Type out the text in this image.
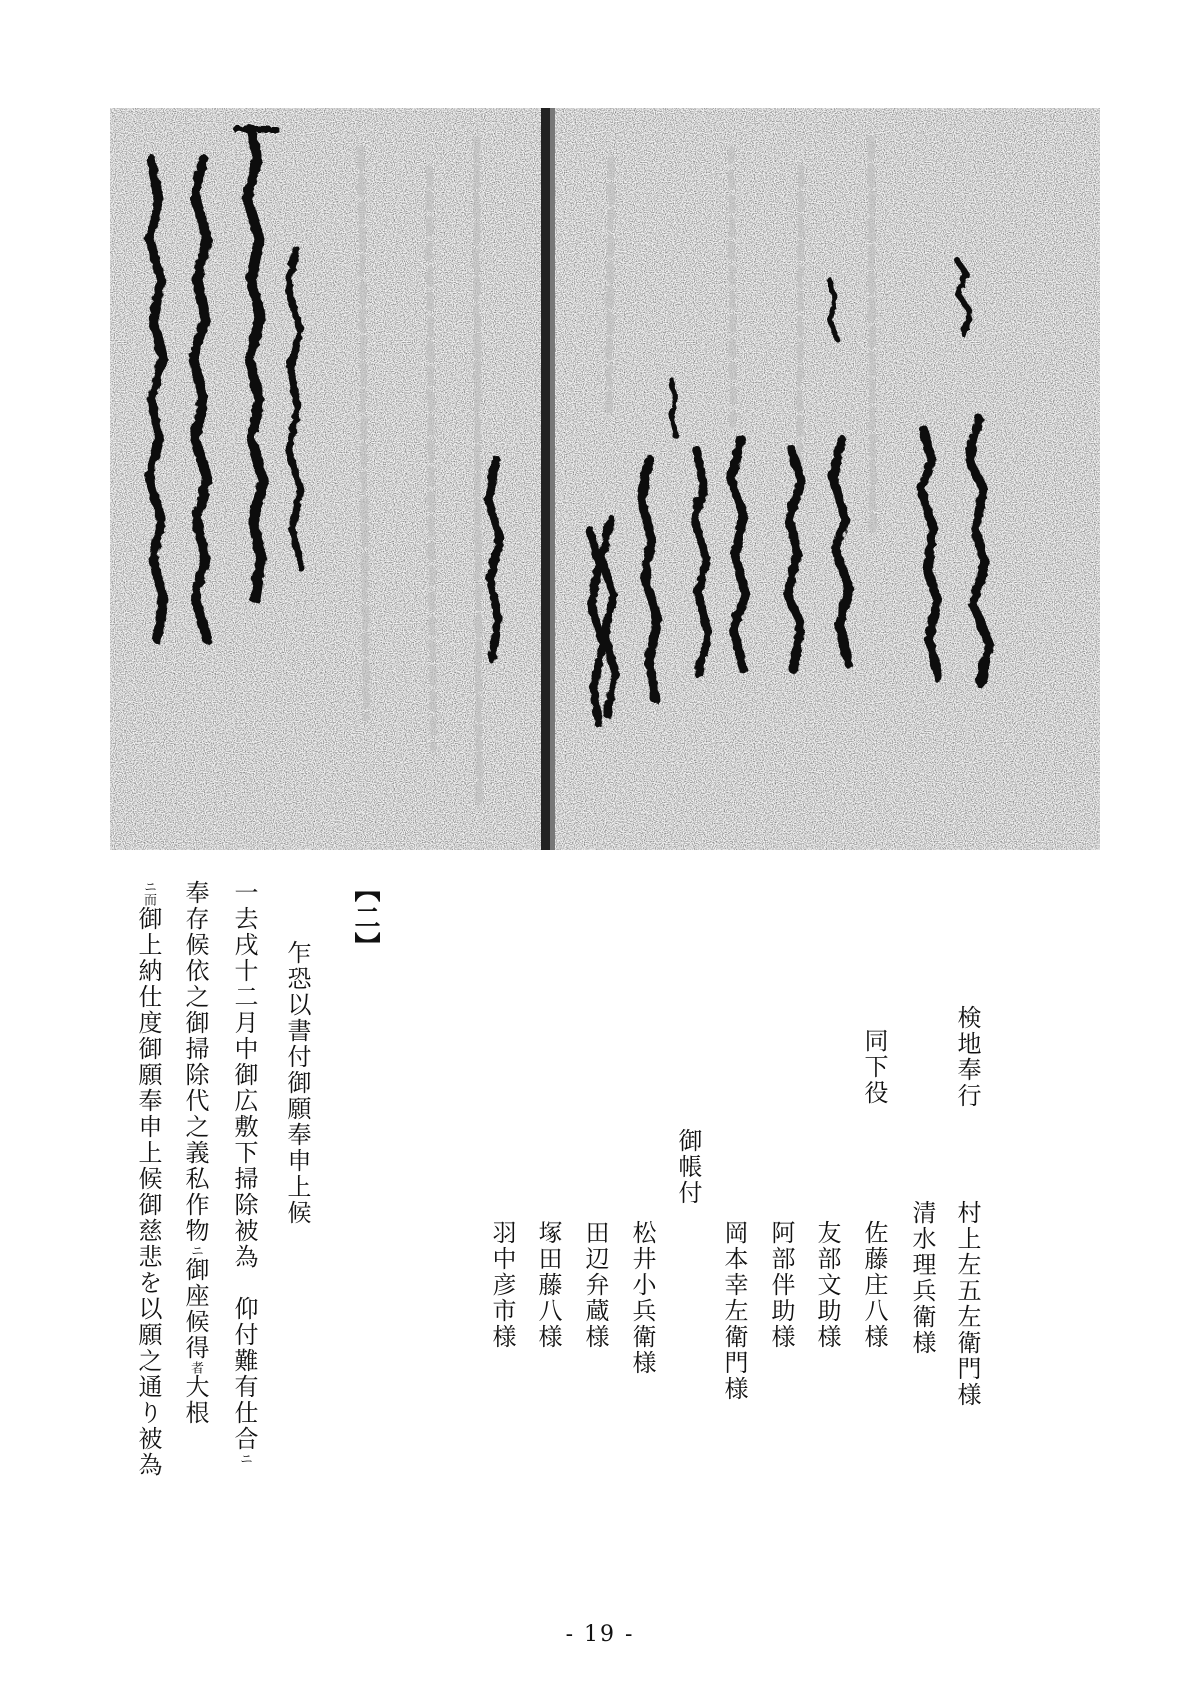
【二】
検地奉行
同下役
御帳付
村上左五左衛門様
清水理兵衛様
佐藤庄八様
友部文助様
阿部伴助様
岡本幸左衛門様
松井小兵衛様
田辺弁蔵様
塚田藤八様
羽中彦市様
乍恐以書付御願奉申上候
一去戌十二月中御広敷下掃除被為　仰付難有仕合ニ
奉存候依之御掃除代之義私作物ニ御座候得者大根
ニ而御上納仕度御願奉申上候御慈悲を以願之通り被為
- 19 -
